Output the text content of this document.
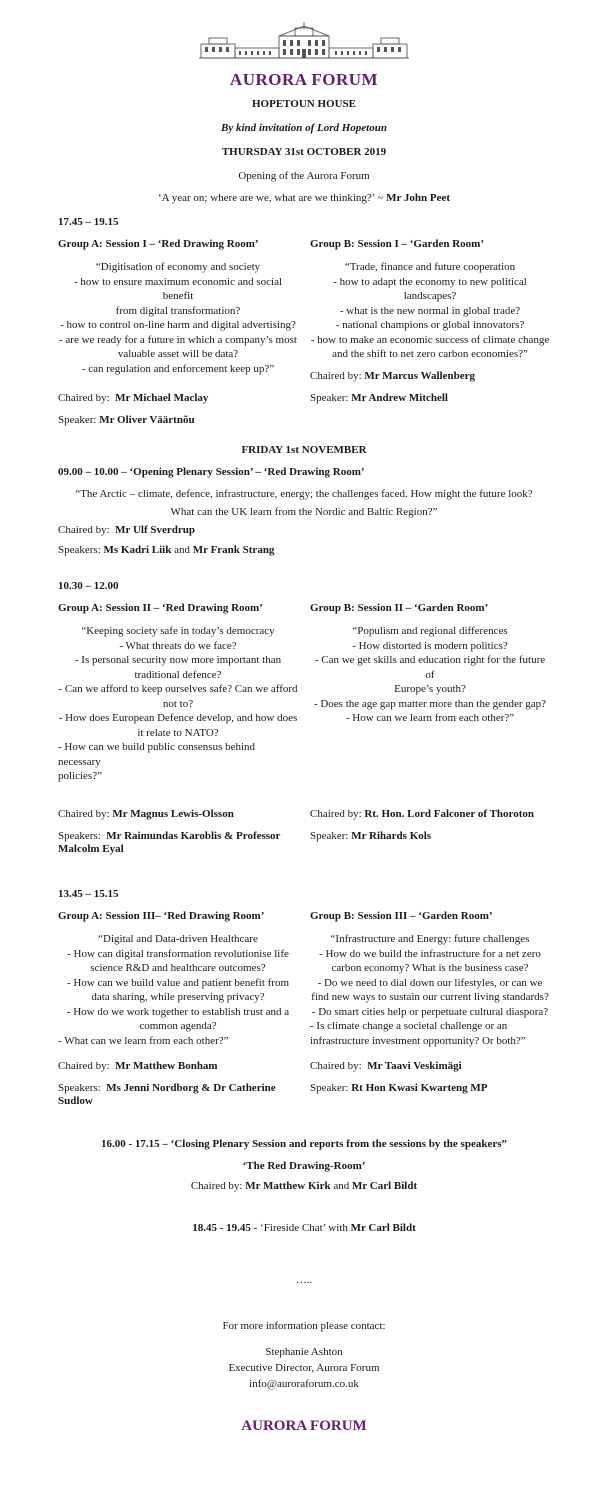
AURORA FORUM
HOPETOUN HOUSE
By kind invitation of Lord Hopetoun
THURSDAY 31st OCTOBER 2019
Opening of the Aurora Forum
‘A year on; where are we, what are we thinking?’ ~ Mr John Peet
17.45 – 19.15
Group A: Session I – ‘Red Drawing Room’
“Digitisation of economy and society
- how to ensure maximum economic and social benefit
from digital transformation?
- how to control on-line harm and digital advertising?
- are we ready for a future in which a company’s most
valuable asset will be data?
- can regulation and enforcement keep up?”
Chaired by: Mr Michael Maclay
Speaker: Mr Oliver Väärtnõu
Group B: Session I – ‘Garden Room’
“Trade, finance and future cooperation
- how to adapt the economy to new political
landscapes?
- what is the new normal in global trade?
- national champions or global innovators?
- how to make an economic success of climate change
and the shift to net zero carbon economies?”
Chaired by: Mr Marcus Wallenberg
Speaker: Mr Andrew Mitchell
FRIDAY 1st NOVEMBER
09.00 – 10.00 – ‘Opening Plenary Session’ – ‘Red Drawing Room’
“The Arctic – climate, defence, infrastructure, energy; the challenges faced. How might the future look?
What can the UK learn from the Nordic and Baltic Region?”
Chaired by: Mr Ulf Sverdrup
Speakers: Ms Kadri Liik and Mr Frank Strang
10.30 – 12.00
Group A: Session II – ‘Red Drawing Room’
“Keeping society safe in today’s democracy
- What threats do we face?
- Is personal security now more important than
traditional defence?
- Can we afford to keep ourselves safe? Can we afford
not to?
- How does European Defence develop, and how does
it relate to NATO?
- How can we build public consensus behind necessary
policies?”
Chaired by: Mr Magnus Lewis-Olsson
Speakers: Mr Raimundas Karoblis & Professor Malcolm Eyal
Group B: Session II – ‘Garden Room’
“Populism and regional differences
- How distorted is modern politics?
- Can we get skills and education right for the future of
Europe’s youth?
- Does the age gap matter more than the gender gap?
- How can we learn from each other?”
Chaired by: Rt. Hon. Lord Falconer of Thoroton
Speaker: Mr Rihards Kols
13.45 – 15.15
Group A: Session III– ‘Red Drawing Room’
“Digital and Data-driven Healthcare
- How can digital transformation revolutionise life
science R&D and healthcare outcomes?
- How can we build value and patient benefit from
data sharing, while preserving privacy?
- How do we work together to establish trust and a
common agenda?
- What can we learn from each other?”
Chaired by: Mr Matthew Bonham
Speakers: Ms Jenni Nordborg & Dr Catherine Sudlow
Group B: Session III – ‘Garden Room’
“Infrastructure and Energy: future challenges
- How do we build the infrastructure for a net zero
carbon economy? What is the business case?
- Do we need to dial down our lifestyles, or can we
find new ways to sustain our current living standards?
- Do smart cities help or perpetuate cultural diaspora?
- Is climate change a societal challenge or an
infrastructure investment opportunity? Or both?”
Chaired by: Mr Taavi Veskimägi
Speaker: Rt Hon Kwasi Kwarteng MP
16.00 - 17.15 – ‘Closing Plenary Session and reports from the sessions by the speakers”
‘The Red Drawing-Room’
Chaired by: Mr Matthew Kirk and Mr Carl Bildt
18.45 - 19.45 - ‘Fireside Chat’ with Mr Carl Bildt
…..
For more information please contact:
Stephanie Ashton
Executive Director, Aurora Forum
info@auroraforum.co.uk
AURORA FORUM
